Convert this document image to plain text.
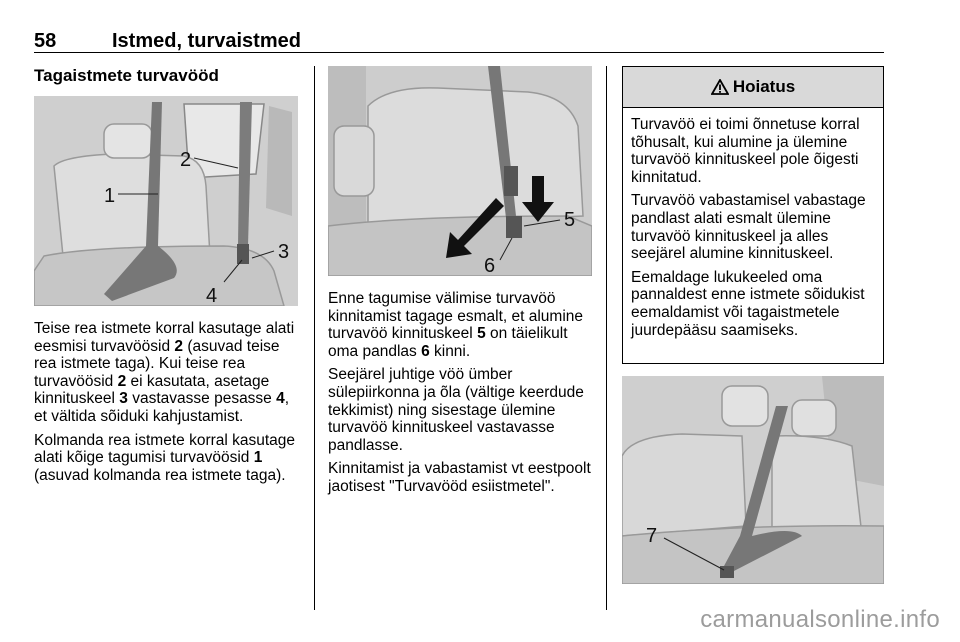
58	Istmed, turvaistmed
Tagaistmete turvavööd
1
2
3
4

Teise rea istmete korral kasutage alati eesmisi turvavöösid 2 (asuvad teise rea istmete taga). Kui teise rea turvavöösid 2 ei kasutata, asetage kinnituskeel 3 vastavasse pesasse 4, et vältida sõiduki kahjustamist.

Kolmanda rea istmete korral kasutage alati kõige tagumisi turvavöösid 1 (asuvad kolmanda rea istmete taga).

5
6

Enne tagumise välimise turvavöö kinnitamist tagage esmalt, et alumine turvavöö kinnituskeel 5 on täielikult oma pandlas 6 kinni.

Seejärel juhtige vöö ümber sülepiirkonna ja õla (vältige keerdude tekkimist) ning sisestage ülemine turvavöö kinnituskeel vastavasse pandlasse.

Kinnitamist ja vabastamist vt eestpoolt jaotisest "Turvavööd esiistmetel".

Hoiatus

Turvavöö ei toimi õnnetuse korral tõhusalt, kui alumine ja ülemine turvavöö kinnituskeel pole õigesti kinnitatud.

Turvavöö vabastamisel vabastage pandlast alati esmalt ülemine turvavöö kinnituskeel ja alles seejärel alumine kinnituskeel.

Eemaldage lukukeeled oma pannaldest enne istmete sõidukist eemaldamist või tagaistmetele juurdepääsu saamiseks.

7
carmanualsonline.info
